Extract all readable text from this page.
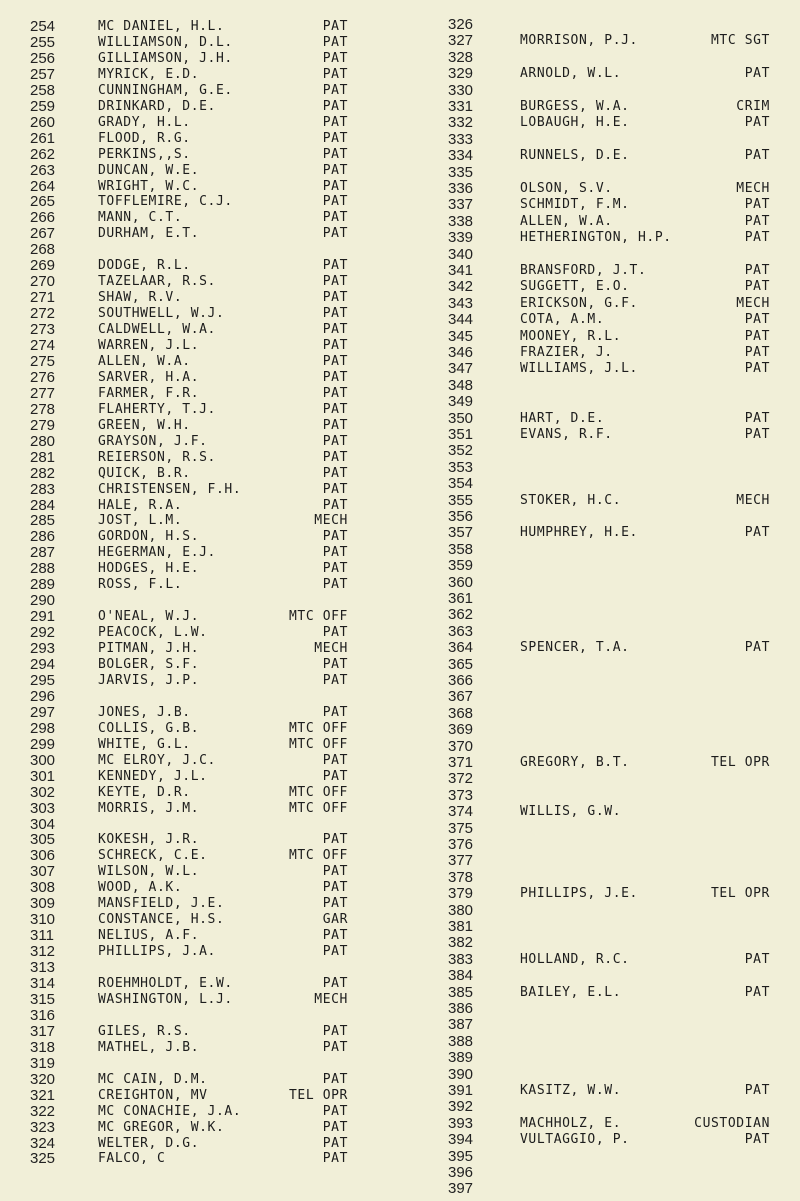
254	MC DANIEL, H.L.	PAT
255	WILLIAMSON, D.L.	PAT
256	GILLIAMSON, J.H.	PAT
257	MYRICK, E.D.	PAT
258	CUNNINGHAM, G.E.	PAT
259	DRINKARD, D.E.	PAT
260	GRADY, H.L.	PAT
261	FLOOD, R.G.	PAT
262	PERKINS,,S.	PAT
263	DUNCAN, W.E.	PAT
264	WRIGHT, W.C.	PAT
265	TOFFLEMIRE, C.J.	PAT
266	MANN, C.T.	PAT
267	DURHAM, E.T.	PAT
268
269	DODGE, R.L.	PAT
270	TAZELAAR, R.S.	PAT
271	SHAW, R.V.	PAT
272	SOUTHWELL, W.J.	PAT
273	CALDWELL, W.A.	PAT
274	WARREN, J.L.	PAT
275	ALLEN, W.A.	PAT
276	SARVER, H.A.	PAT
277	FARMER, F.R.	PAT
278	FLAHERTY, T.J.	PAT
279	GREEN, W.H.	PAT
280	GRAYSON, J.F.	PAT
281	REIERSON, R.S.	PAT
282	QUICK, B.R.	PAT
283	CHRISTENSEN, F.H.	PAT
284	HALE, R.A.	PAT
285	JOST, L.M.	MECH
286	GORDON, H.S.	PAT
287	HEGERMAN, E.J.	PAT
288	HODGES, H.E.	PAT
289	ROSS, F.L.	PAT
290
291	O'NEAL, W.J.	MTC OFF
292	PEACOCK, L.W.	PAT
293	PITMAN, J.H.	MECH
294	BOLGER, S.F.	PAT
295	JARVIS, J.P.	PAT
296
297	JONES, J.B.	PAT
298	COLLIS, G.B.	MTC OFF
299	WHITE, G.L.	MTC OFF
300	MC ELROY, J.C.	PAT
301	KENNEDY, J.L.	PAT
302	KEYTE, D.R.	MTC OFF
303	MORRIS, J.M.	MTC OFF
304
305	KOKESH, J.R.	PAT
306	SCHRECK, C.E.	MTC OFF
307	WILSON, W.L.	PAT
308	WOOD, A.K.	PAT
309	MANSFIELD, J.E.	PAT
310	CONSTANCE, H.S.	GAR
311	NELIUS, A.F.	PAT
312	PHILLIPS, J.A.	PAT
313
314	ROEHMHOLDT, E.W.	PAT
315	WASHINGTON, L.J.	MECH
316
317	GILES, R.S.	PAT
318	MATHEL, J.B.	PAT
319
320	MC CAIN, D.M.	PAT
321	CREIGHTON, MV	TEL OPR
322	MC CONACHIE, J.A.	PAT
323	MC GREGOR, W.K.	PAT
324	WELTER, D.G.	PAT
325	FALCO, C	PAT
326
327	MORRISON, P.J.	MTC SGT
328
329	ARNOLD, W.L.	PAT
330
331	BURGESS, W.A.	CRIM
332	LOBAUGH, H.E.	PAT
333
334	RUNNELS, D.E.	PAT
335
336	OLSON, S.V.	MECH
337	SCHMIDT, F.M.	PAT
338	ALLEN, W.A.	PAT
339	HETHERINGTON, H.P.	PAT
340
341	BRANSFORD, J.T.	PAT
342	SUGGETT, E.O.	PAT
343	ERICKSON, G.F.	MECH
344	COTA, A.M.	PAT
345	MOONEY, R.L.	PAT
346	FRAZIER, J.	PAT
347	WILLIAMS, J.L.	PAT
348
349
350	HART, D.E.	PAT
351	EVANS, R.F.	PAT
352
353
354
355	STOKER, H.C.	MECH
356
357	HUMPHREY, H.E.	PAT
358
359
360
361
362
363
364	SPENCER, T.A.	PAT
365
366
367
368
369
370
371	GREGORY, B.T.	TEL OPR
372
373
374	WILLIS, G.W.
375
376
377
378
379	PHILLIPS, J.E.	TEL OPR
380
381
382
383	HOLLAND, R.C.	PAT
384
385	BAILEY, E.L.	PAT
386
387
388
389
390
391	KASITZ, W.W.	PAT
392
393	MACHHOLZ, E.	CUSTODIAN
394	VULTAGGIO, P.	PAT
395
396
397
